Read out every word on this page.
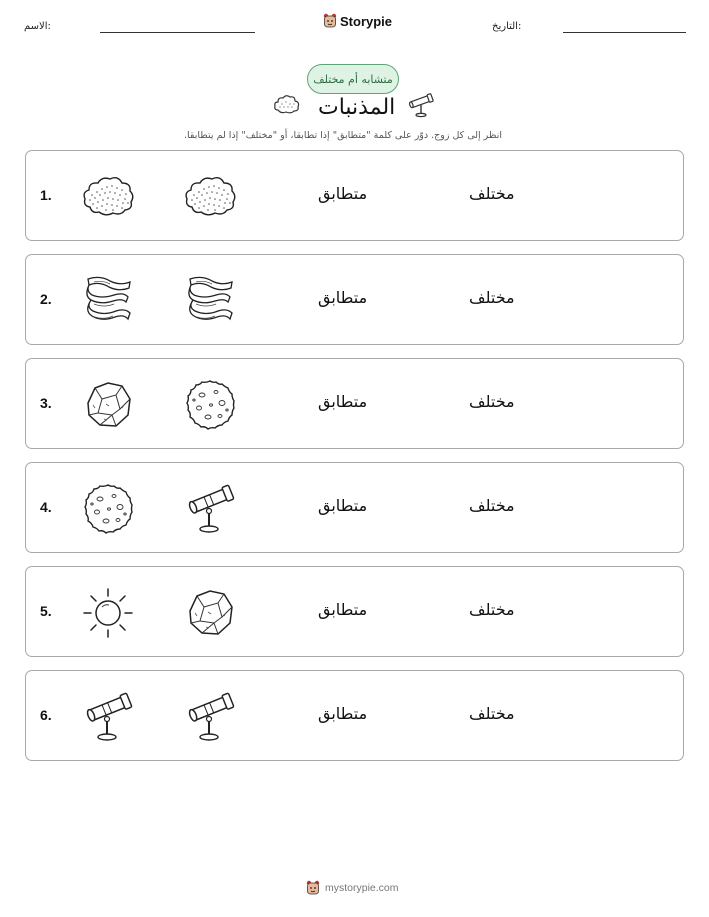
الاسم:	Storypie	التاريخ:
متشابه أم مختلف
المذنبات
انظر إلى كل زوج. دوّر على كلمة "متطابق" إذا تطابقا، أو "مختلف" إذا لم يتطابقا.
1.	متطابق	مختلف
2.	متطابق	مختلف
3.	متطابق	مختلف
4.	متطابق	مختلف
5.	متطابق	مختلف
6.	متطابق	مختلف
mystorypie.com
